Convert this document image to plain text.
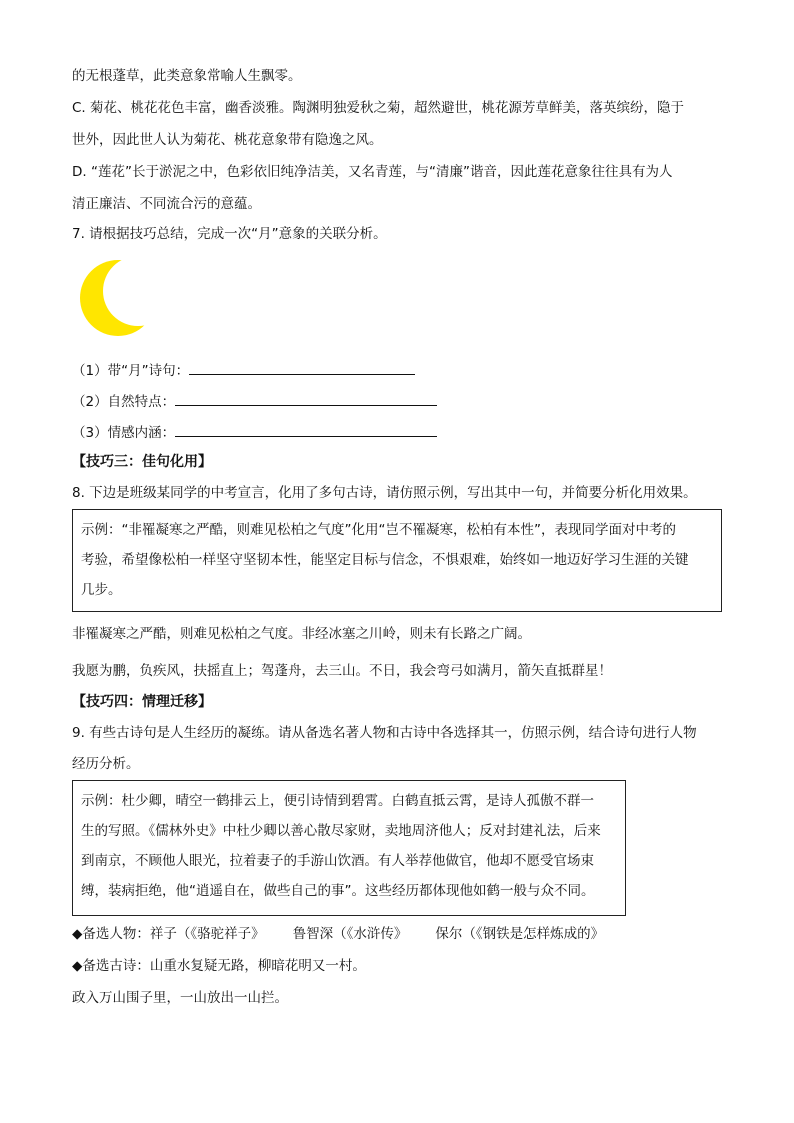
的无根蓬草，此类意象常喻人生飘零。
C. 菊花、桃花花色丰富，幽香淡雅。陶渊明独爱秋之菊，超然避世，桃花源芳草鲜美，落英缤纷，隐于
世外，因此世人认为菊花、桃花意象带有隐逸之风。
D. “莲花”长于淤泥之中，色彩依旧纯净洁美，又名青莲，与“清廉”谐音，因此莲花意象往往具有为人
清正廉洁、不同流合污的意蕴。
7. 请根据技巧总结，完成一次“月”意象的关联分析。
（1）带“月”诗句：
（2）自然特点：
（3）情感内涵：
【技巧三：佳句化用】
8. 下边是班级某同学的中考宣言，化用了多句古诗，请仿照示例，写出其中一句，并简要分析化用效果。
示例：“非罹凝寒之严酷，则难见松柏之气度”化用“岂不罹凝寒，松柏有本性”，表现同学面对中考的
考验，希望像松柏一样坚守坚韧本性，能坚定目标与信念，不惧艰难，始终如一地迈好学习生涯的关键
几步。
非罹凝寒之严酷，则难见松柏之气度。非经冰塞之川岭，则未有长路之广阔。
我愿为鹏，负疾风，扶摇直上；驾蓬舟，去三山。不日，我会弯弓如满月，箭矢直抵群星！
【技巧四：情理迁移】
9. 有些古诗句是人生经历的凝练。请从备选名著人物和古诗中各选择其一，仿照示例，结合诗句进行人物
经历分析。
示例：杜少卿，晴空一鹤排云上，便引诗情到碧霄。白鹤直抵云霄，是诗人孤傲不群一
生的写照。《儒林外史》中杜少卿以善心散尽家财，卖地周济他人；反对封建礼法，后来
到南京，不顾他人眼光，拉着妻子的手游山饮酒。有人举荐他做官，他却不愿受官场束
缚，装病拒绝，他“逍遥自在，做些自己的事”。这些经历都体现他如鹤一般与众不同。
◆备选人物：祥子（《骆驼祥子》 鲁智深（《水浒传》 保尔（《钢铁是怎样炼成的》
◆备选古诗：山重水复疑无路，柳暗花明又一村。
政入万山围子里，一山放出一山拦。
